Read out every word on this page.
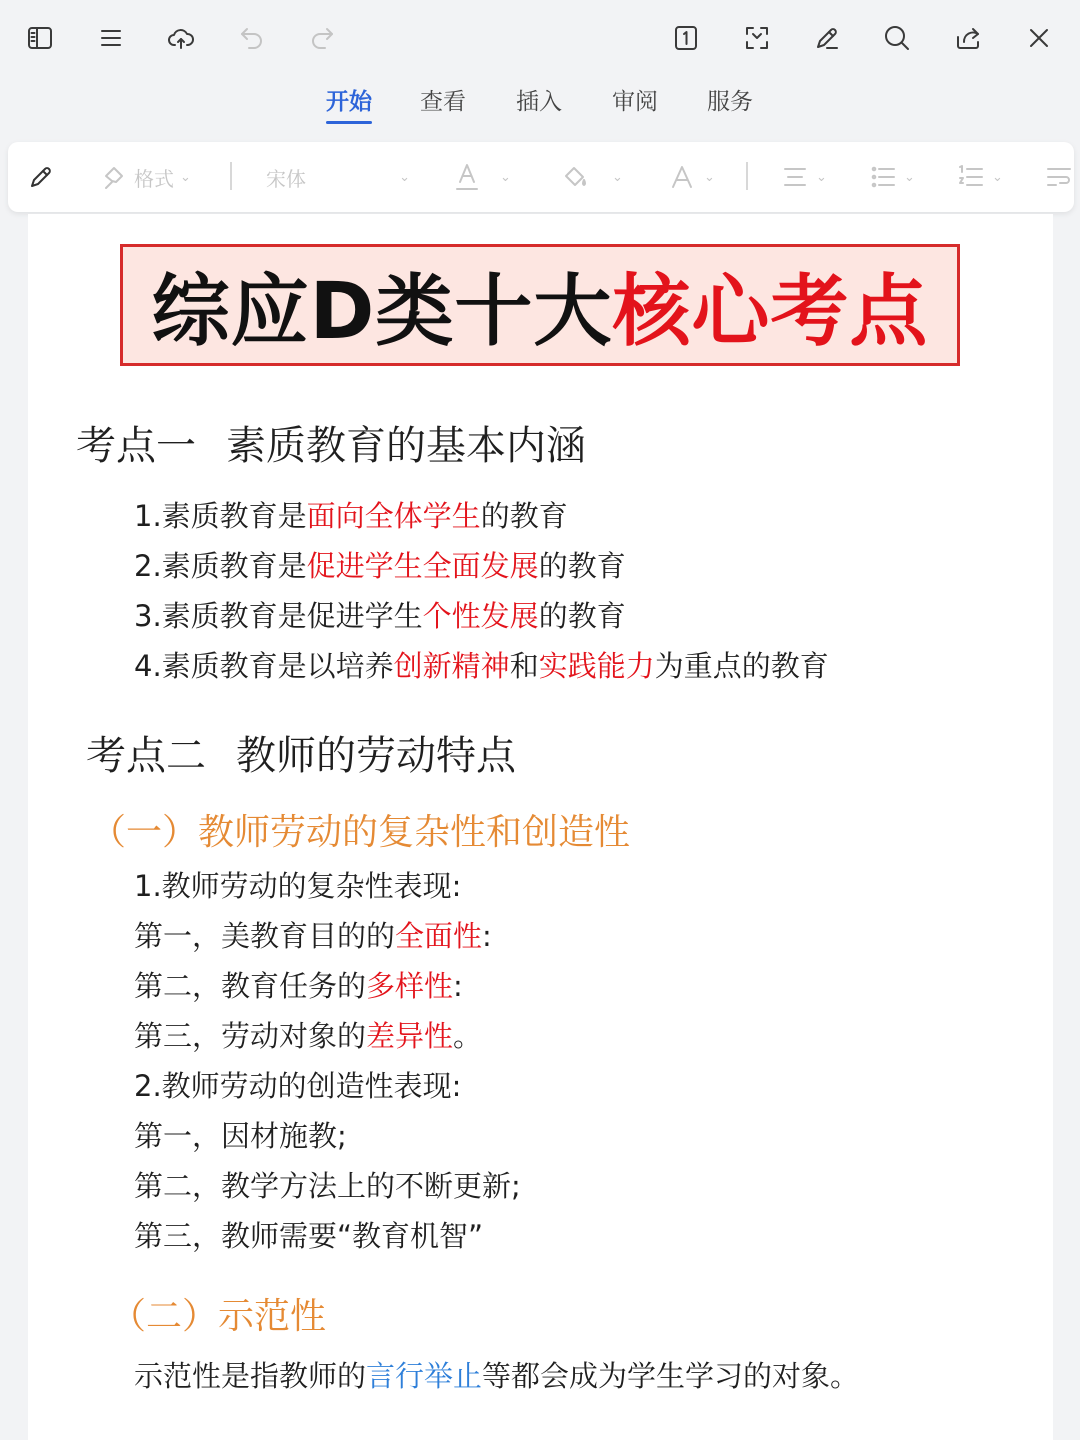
开始 查看 插入 审阅 服务
格式 ⌄	宋体	⌄	⌄	⌄	⌄	⌄	⌄	⌄
综应D类十大核心考点
考点一 素质教育的基本内涵
1.素质教育是面向全体学生的教育
2.素质教育是促进学生全面发展的教育
3.素质教育是促进学生个性发展的教育
4.素质教育是以培养创新精神和实践能力为重点的教育
考点二 教师的劳动特点
（一）教师劳动的复杂性和创造性
1.教师劳动的复杂性表现:
第一，美教育目的的全面性:
第二，教育任务的多样性:
第三，劳动对象的差异性。
2.教师劳动的创造性表现:
第一，因材施教;
第二，教学方法上的不断更新;
第三，教师需要“教育机智”
（二）示范性
示范性是指教师的言行举止等都会成为学生学习的对象。
